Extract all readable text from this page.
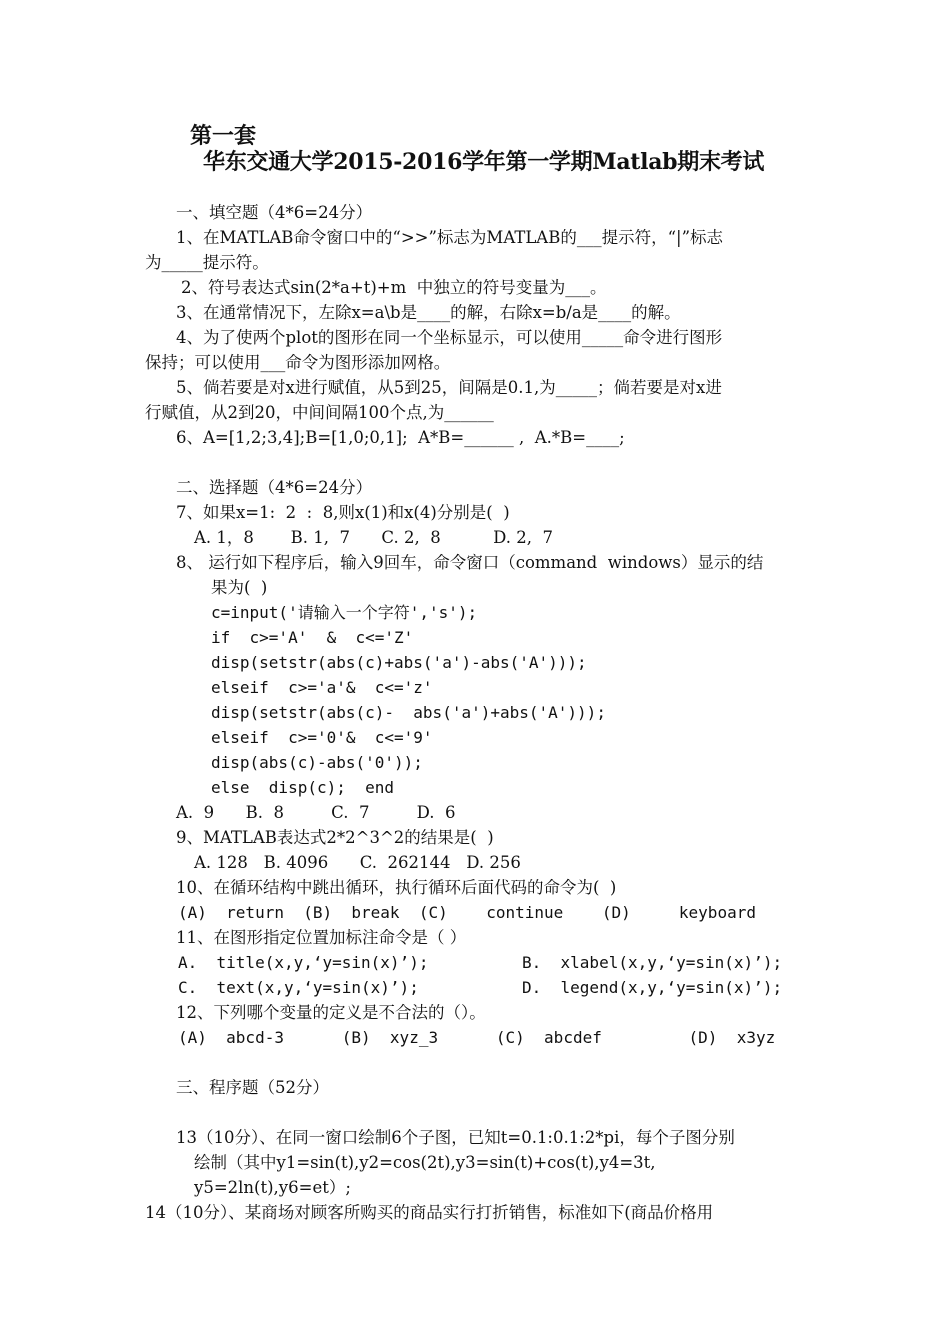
第一套
华东交通大学2015-2016学年第一学期Matlab期末考试
一、填空题（4*6=24分）
1、在MATLAB命令窗口中的“>>”标志为MATLAB的___提示符，“|”标志
为_____提示符。
2、符号表达式sin(2*a+t)+m  中独立的符号变量为___。
3、在通常情况下，左除x=a\b是____的解，右除x=b/a是____的解。
4、为了使两个plot的图形在同一个坐标显示，可以使用_____命令进行图形
保持；可以使用___命令为图形添加网格。
5、倘若要是对x进行赋值，从5到25，间隔是0.1,为_____；倘若要是对x进
行赋值，从2到20，中间间隔100个点,为______
6、A=[1,2;3,4];B=[1,0;0,1];  A*B=______ ,  A.*B=____;
二、选择题（4*6=24分）
7、如果x=1:  2  :  8,则x(1)和x(4)分别是(  )
A. 1，8       B. 1,  7      C. 2,  8          D. 2,  7
8、 运行如下程序后，输入9回车，命令窗口（command  windows）显示的结
果为(  )
c=input('请输入一个字符','s');
if  c>='A'  &  c<='Z'
disp(setstr(abs(c)+abs('a')-abs('A')));
elseif  c>='a'&  c<='z'
disp(setstr(abs(c)-  abs('a')+abs('A')));
elseif  c>='0'&  c<='9'
disp(abs(c)-abs('0'));
else  disp(c);  end
A.  9      B.  8         C.  7         D.  6
9、MATLAB表达式2*2^3^2的结果是(  )
A. 128   B. 4096      C.  262144   D. 256
10、在循环结构中跳出循环，执行循环后面代码的命令为(  )
(A)  return  (B)  break  (C)    continue    (D)     keyboard
11、在图形指定位置加标注命令是（ ）
A.  title(x,y,‘y=sin(x)’);	B.  xlabel(x,y,‘y=sin(x)’);
C.  text(x,y,‘y=sin(x)’);	D.  legend(x,y,‘y=sin(x)’);
12、下列哪个变量的定义是不合法的（）。
(A)  abcd-3      (B)  xyz_3      (C)  abcdef         (D)  x3yz
三、程序题（52分）
13（10分）、在同一窗口绘制6个子图，已知t=0.1:0.1:2*pi，每个子图分别
绘制（其中y1=sin(t),y2=cos(2t),y3=sin(t)+cos(t),y4=3t,
y5=2ln(t),y6=et）;
14（10分）、某商场对顾客所购买的商品实行打折销售，标准如下(商品价格用
